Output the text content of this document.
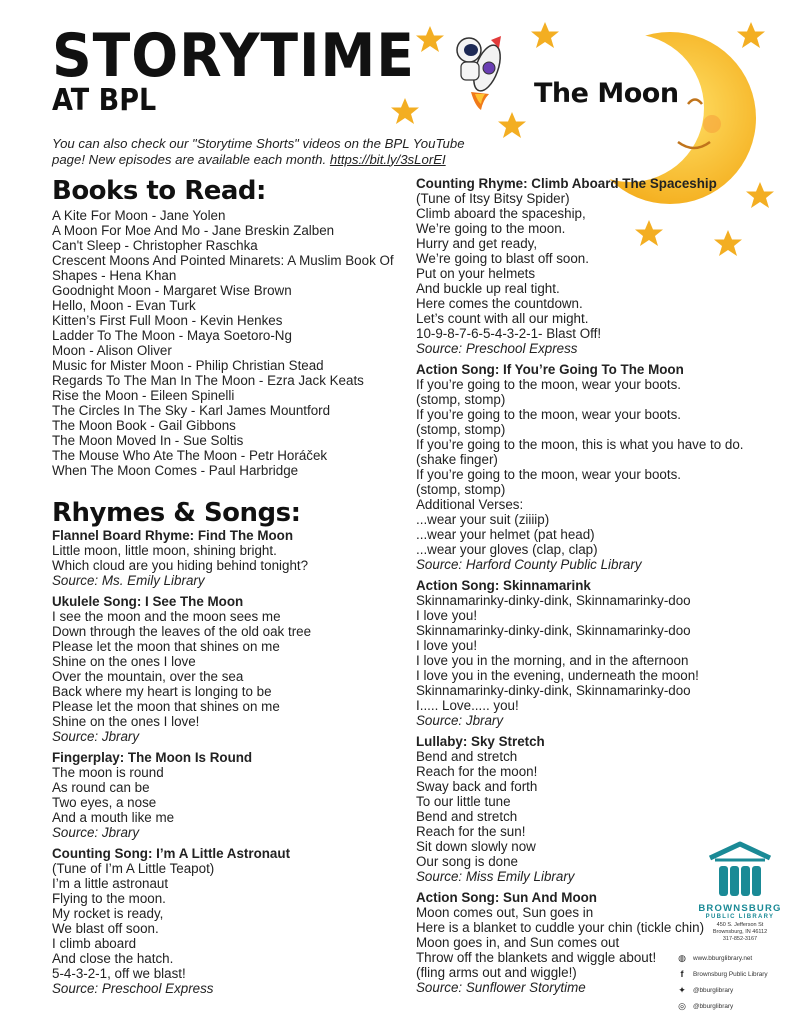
STORYTIME
AT BPL	The Moon
You can also check our "Storytime Shorts" videos on the BPL YouTube page! New episodes are available each month. https://bit.ly/3sLorEI
Books to Read:
A Kite For Moon - Jane Yolen
A Moon For Moe And Mo - Jane Breskin Zalben
Can't Sleep - Christopher Raschka
Crescent Moons And Pointed Minarets: A Muslim Book Of
Shapes - Hena Khan
Goodnight Moon - Margaret Wise Brown
Hello, Moon - Evan Turk
Kitten’s First Full Moon - Kevin Henkes
Ladder To The Moon - Maya Soetoro-Ng
Moon - Alison Oliver
Music for Mister Moon - Philip Christian Stead
Regards To The Man In The Moon - Ezra Jack Keats
Rise the Moon - Eileen Spinelli
The Circles In The Sky - Karl James Mountford
The Moon Book - Gail Gibbons
The Moon Moved In - Sue Soltis
The Mouse Who Ate The Moon - Petr Horáček
When The Moon Comes - Paul Harbridge
Rhymes & Songs:
Flannel Board Rhyme: Find The Moon
Little moon, little moon, shining bright.
Which cloud are you hiding behind tonight?
Source: Ms. Emily Library
Ukulele Song: I See The Moon
I see the moon and the moon sees me
Down through the leaves of the old oak tree
Please let the moon that shines on me
Shine on the ones I love
Over the mountain, over the sea
Back where my heart is longing to be
Please let the moon that shines on me
Shine on the ones I love!
Source: Jbrary
Fingerplay: The Moon Is Round
The moon is round
As round can be
Two eyes, a nose
And a mouth like me
Source: Jbrary
Counting Song: I’m A Little Astronaut
(Tune of I’m A Little Teapot)
I’m a little astronaut
Flying to the moon.
My rocket is ready,
We blast off soon.
I climb aboard
And close the hatch.
5-4-3-2-1, off we blast!
Source: Preschool Express
Counting Rhyme: Climb Aboard The Spaceship
(Tune of Itsy Bitsy Spider)
Climb aboard the spaceship,
We’re going to the moon.
Hurry and get ready,
We’re going to blast off soon.
Put on your helmets
And buckle up real tight.
Here comes the countdown.
Let’s count with all our might.
10-9-8-7-6-5-4-3-2-1- Blast Off!
Source: Preschool Express
Action Song: If You’re Going To The Moon
If you’re going to the moon, wear your boots.
(stomp, stomp)
If you’re going to the moon, wear your boots.
(stomp, stomp)
If you’re going to the moon, this is what you have to do.
(shake finger)
If you’re going to the moon, wear your boots.
(stomp, stomp)
Additional Verses:
...wear your suit (ziiiip)
...wear your helmet (pat head)
...wear your gloves (clap, clap)
Source: Harford County Public Library
Action Song: Skinnamarink
Skinnamarinky-dinky-dink, Skinnamarinky-doo
I love you!
Skinnamarinky-dinky-dink, Skinnamarinky-doo
I love you!
I love you in the morning, and in the afternoon
I love you in the evening, underneath the moon!
Skinnamarinky-dinky-dink, Skinnamarinky-doo
I..... Love..... you!
Source: Jbrary
Lullaby: Sky Stretch
Bend and stretch
Reach for the moon!
Sway back and forth
To our little tune
Bend and stretch
Reach for the sun!
Sit down slowly now
Our song is done
Source: Miss Emily Library
Action Song: Sun And Moon
Moon comes out, Sun goes in
Here is a blanket to cuddle your chin (tickle chin)
Moon goes in, and Sun comes out
Throw off the blankets and wiggle about!
(fling arms out and wiggle!)
Source: Sunflower Storytime
BROWNSBURG
PUBLIC LIBRARY
450 S. Jefferson St
Brownsburg, IN 46112
317-852-3167
◍	www.bburglibrary.net
f	Brownsburg Public Library
✦	@bburglibrary
◎	@bburglibrary
